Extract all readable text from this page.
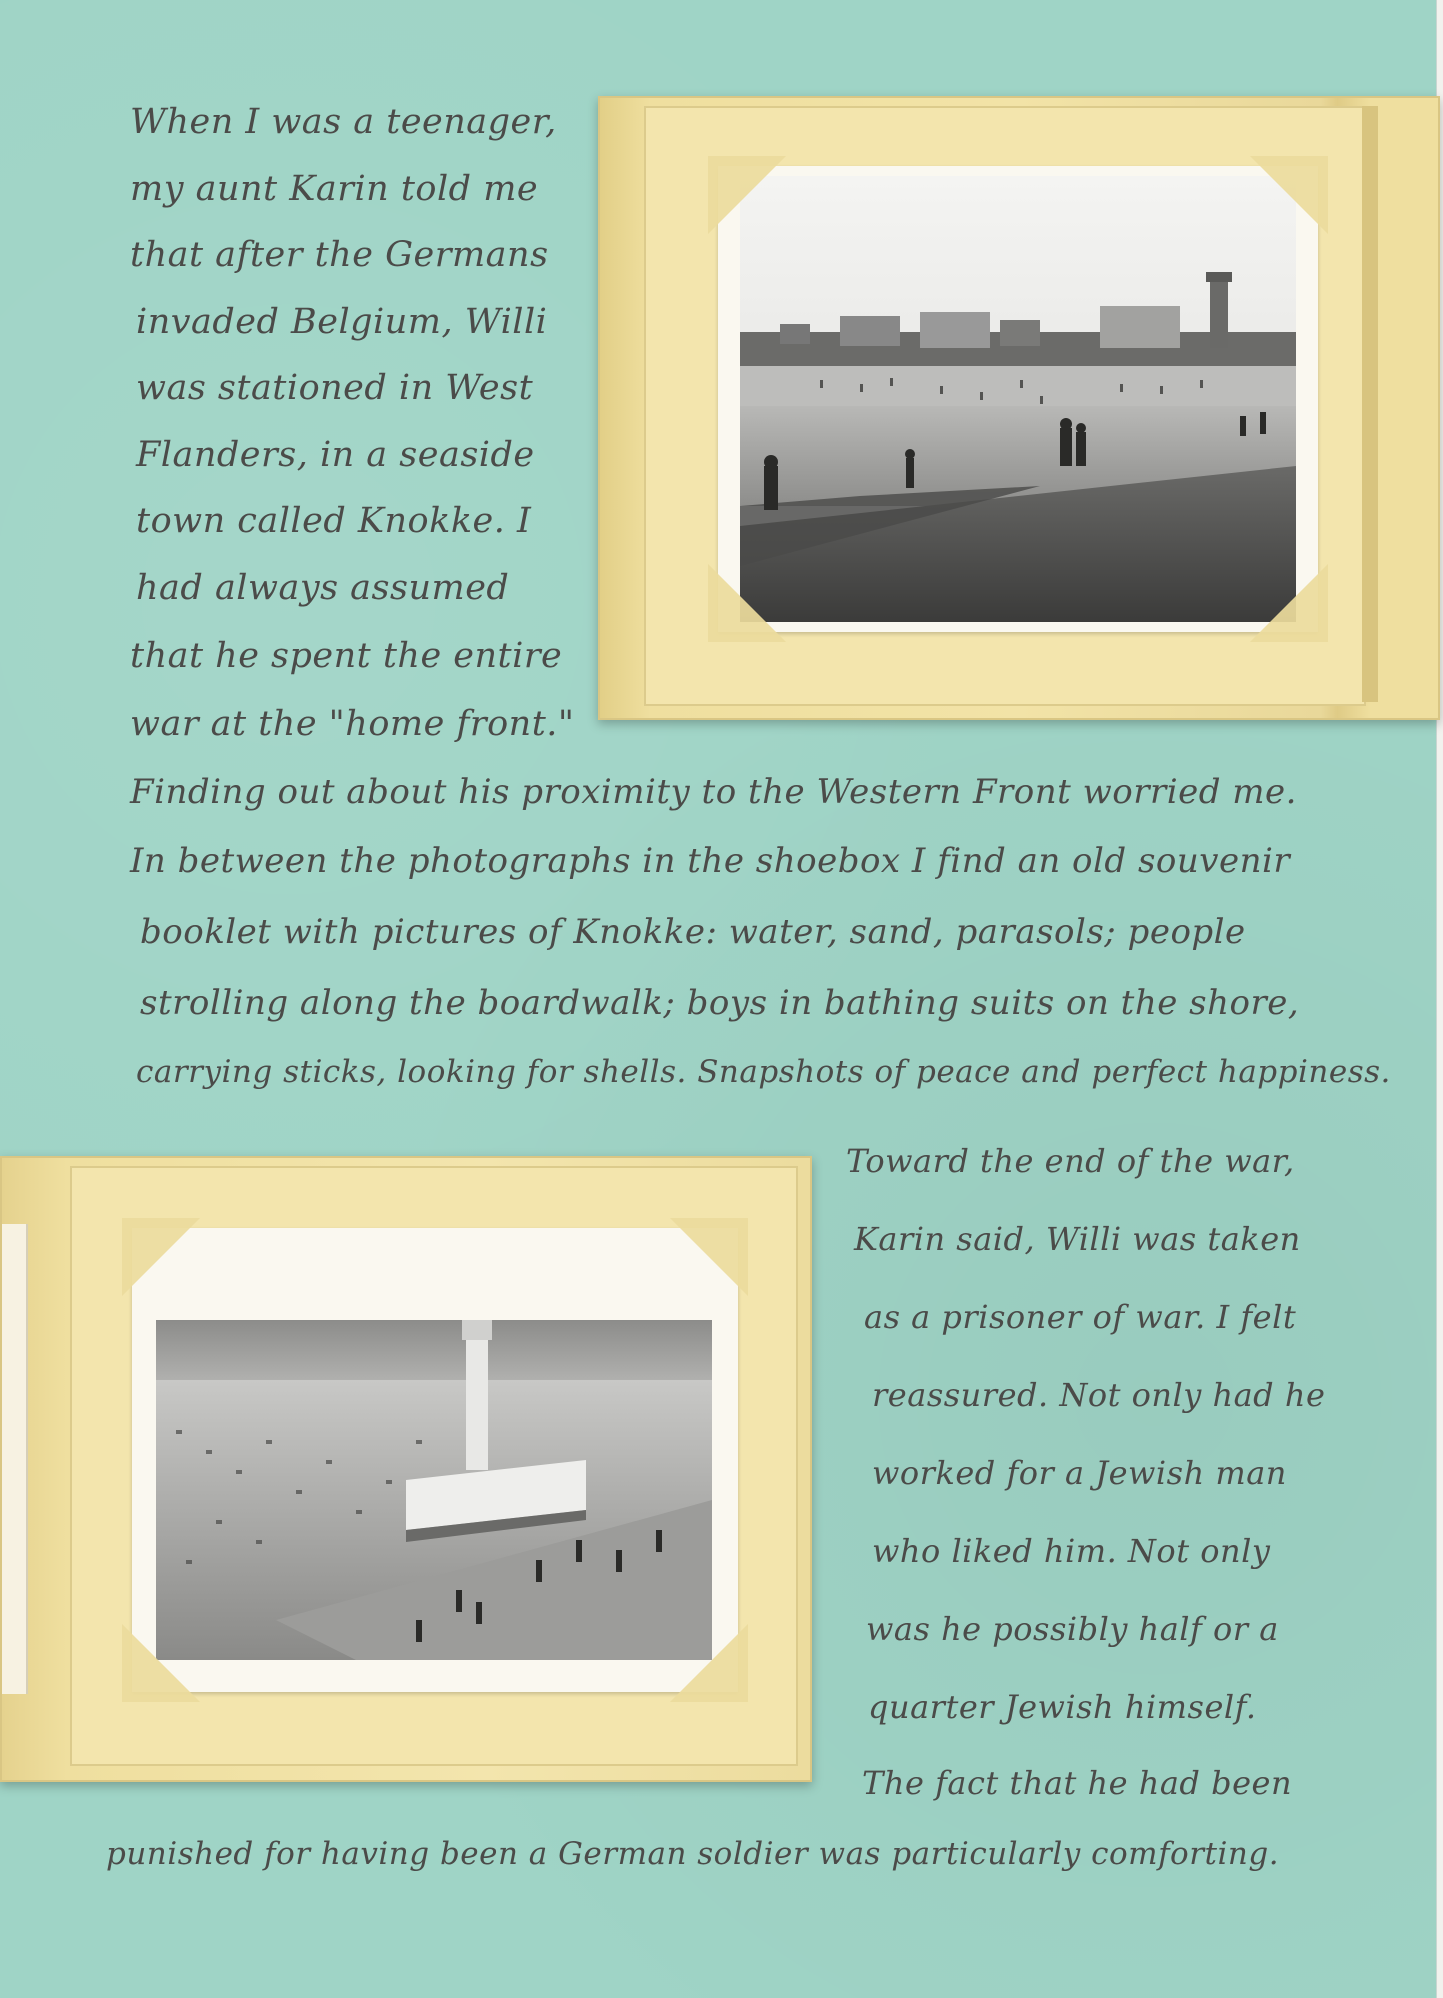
When I was a teenager,
my aunt Karin told me
that after the Germans
invaded Belgium, Willi
was stationed in West
Flanders, in a seaside
town called Knokke. I
had always assumed
that he spent the entire
war at the "home front."
Finding out about his proximity to the Western Front worried me.
In between the photographs in the shoebox I find an old souvenir
booklet with pictures of Knokke: water, sand, parasols; people
strolling along the boardwalk; boys in bathing suits on the shore,
carrying sticks, looking for shells. Snapshots of peace and perfect happiness.
Toward the end of the war,
Karin said, Willi was taken
as a prisoner of war. I felt
reassured. Not only had he
worked for a Jewish man
who liked him. Not only
was he possibly half or a
quarter Jewish himself.
The fact that he had been
punished for having been a German soldier was particularly comforting.
